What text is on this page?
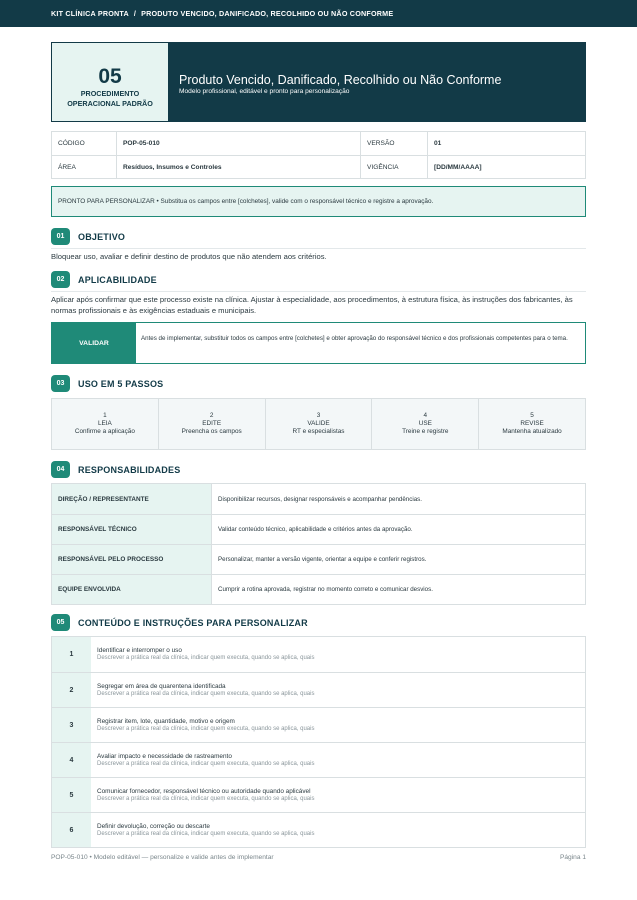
KIT CLÍNICA PRONTA / PRODUTO VENCIDO, DANIFICADO, RECOLHIDO OU NÃO CONFORME
05
PROCEDIMENTO
OPERACIONAL PADRÃO
Produto Vencido, Danificado, Recolhido ou Não Conforme
Modelo profissional, editável e pronto para personalização
CÓDIGO	POP-05-010	VERSÃO	01
ÁREA	Resíduos, Insumos e Controles	VIGÊNCIA	[DD/MM/AAAA]
PRONTO PARA PERSONALIZAR • Substitua os campos entre [colchetes], valide com o responsável técnico e registre a aprovação.
01	OBJETIVO
Bloquear uso, avaliar e definir destino de produtos que não atendem aos critérios.
02	APLICABILIDADE
Aplicar após confirmar que este processo existe na clínica. Ajustar à especialidade, aos procedimentos, à estrutura física, às instruções dos fabricantes, às normas profissionais e às exigências estaduais e municipais.
VALIDAR
Antes de implementar, substituir todos os campos entre [colchetes] e obter aprovação do responsável técnico e dos profissionais competentes para o tema.
03	USO EM 5 PASSOS
1
LEIA
Confirme a aplicação
2
EDITE
Preencha os campos
3
VALIDE
RT e especialistas
4
USE
Treine e registre
5
REVISE
Mantenha atualizado
04	RESPONSABILIDADES
DIREÇÃO / REPRESENTANTE	Disponibilizar recursos, designar responsáveis e acompanhar pendências.
RESPONSÁVEL TÉCNICO	Validar conteúdo técnico, aplicabilidade e critérios antes da aprovação.
RESPONSÁVEL PELO PROCESSO	Personalizar, manter a versão vigente, orientar a equipe e conferir registros.
EQUIPE ENVOLVIDA	Cumprir a rotina aprovada, registrar no momento correto e comunicar desvios.
05	CONTEÚDO E INSTRUÇÕES PARA PERSONALIZAR
1
Identificar e interromper o uso
Descrever a prática real da clínica, indicar quem executa, quando se aplica, quais
2	Segregar em área de quarentena identificada
Descrever a prática real da clínica, indicar quem executa, quando se aplica, quais
3	Registrar item, lote, quantidade, motivo e origem
Descrever a prática real da clínica, indicar quem executa, quando se aplica, quais
4	Avaliar impacto e necessidade de rastreamento
Descrever a prática real da clínica, indicar quem executa, quando se aplica, quais
5	Comunicar fornecedor, responsável técnico ou autoridade quando aplicável
Descrever a prática real da clínica, indicar quem executa, quando se aplica, quais
6	Definir devolução, correção ou descarte
Descrever a prática real da clínica, indicar quem executa, quando se aplica, quais
POP-05-010 • Modelo editável — personalize e valide antes de implementar	Página 1
